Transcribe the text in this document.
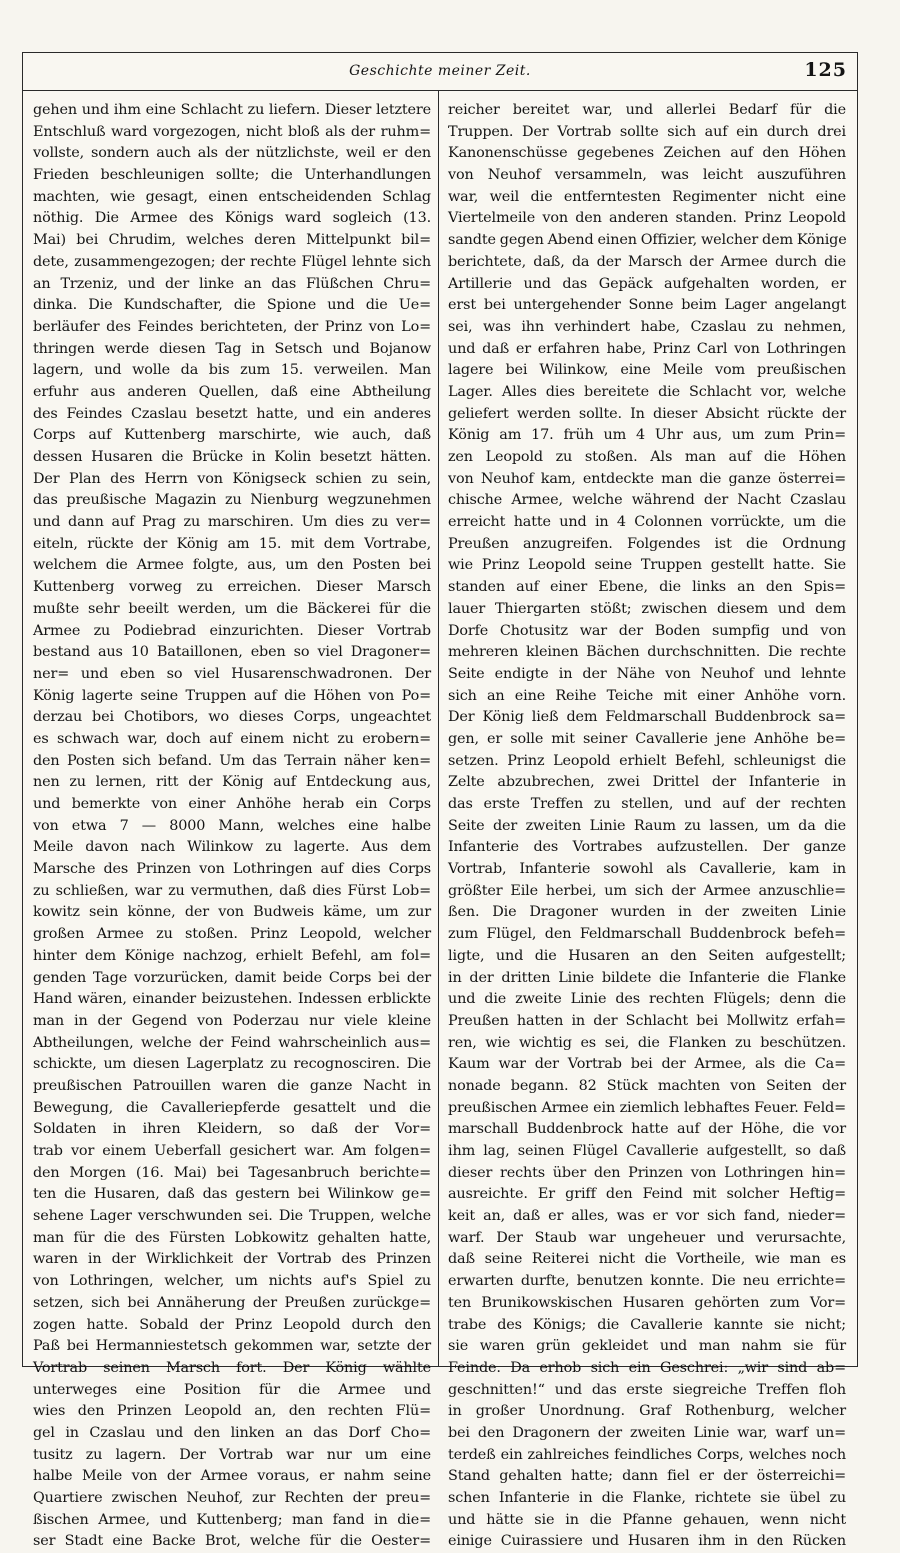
Geschichte meiner Zeit.	125
gehen und ihm eine Schlacht zu liefern. Dieser letztere
Entschluß ward vorgezogen, nicht bloß als der ruhm=
vollste, sondern auch als der nützlichste, weil er den
Frieden beschleunigen sollte; die Unterhandlungen
machten, wie gesagt, einen entscheidenden Schlag
nöthig. Die Armee des Königs ward sogleich (13.
Mai) bei Chrudim, welches deren Mittelpunkt bil=
dete, zusammengezogen; der rechte Flügel lehnte sich
an Trzeniz, und der linke an das Flüßchen Chru=
dinka. Die Kundschafter, die Spione und die Ue=
berläufer des Feindes berichteten, der Prinz von Lo=
thringen werde diesen Tag in Setsch und Bojanow
lagern, und wolle da bis zum 15. verweilen. Man
erfuhr aus anderen Quellen, daß eine Abtheilung
des Feindes Czaslau besetzt hatte, und ein anderes
Corps auf Kuttenberg marschirte, wie auch, daß
dessen Husaren die Brücke in Kolin besetzt hätten.
Der Plan des Herrn von Königseck schien zu sein,
das preußische Magazin zu Nienburg wegzunehmen
und dann auf Prag zu marschiren. Um dies zu ver=
eiteln, rückte der König am 15. mit dem Vortrabe,
welchem die Armee folgte, aus, um den Posten bei
Kuttenberg vorweg zu erreichen. Dieser Marsch
mußte sehr beeilt werden, um die Bäckerei für die
Armee zu Podiebrad einzurichten. Dieser Vortrab
bestand aus 10 Bataillonen, eben so viel Dragoner=
ner= und eben so viel Husarenschwadronen. Der
König lagerte seine Truppen auf die Höhen von Po=
derzau bei Chotibors, wo dieses Corps, ungeachtet
es schwach war, doch auf einem nicht zu erobern=
den Posten sich befand. Um das Terrain näher ken=
nen zu lernen, ritt der König auf Entdeckung aus,
und bemerkte von einer Anhöhe herab ein Corps
von etwa 7 — 8000 Mann, welches eine halbe
Meile davon nach Wilinkow zu lagerte. Aus dem
Marsche des Prinzen von Lothringen auf dies Corps
zu schließen, war zu vermuthen, daß dies Fürst Lob=
kowitz sein könne, der von Budweis käme, um zur
großen Armee zu stoßen. Prinz Leopold, welcher
hinter dem Könige nachzog, erhielt Befehl, am fol=
genden Tage vorzurücken, damit beide Corps bei der
Hand wären, einander beizustehen. Indessen erblickte
man in der Gegend von Poderzau nur viele kleine
Abtheilungen, welche der Feind wahrscheinlich aus=
schickte, um diesen Lagerplatz zu recognosciren. Die
preußischen Patrouillen waren die ganze Nacht in
Bewegung, die Cavalleriepferde gesattelt und die
Soldaten in ihren Kleidern, so daß der Vor=
trab vor einem Ueberfall gesichert war. Am folgen=
den Morgen (16. Mai) bei Tagesanbruch berichte=
ten die Husaren, daß das gestern bei Wilinkow ge=
sehene Lager verschwunden sei. Die Truppen, welche
man für die des Fürsten Lobkowitz gehalten hatte,
waren in der Wirklichkeit der Vortrab des Prinzen
von Lothringen, welcher, um nichts auf's Spiel zu
setzen, sich bei Annäherung der Preußen zurückge=
zogen hatte. Sobald der Prinz Leopold durch den
Paß bei Hermanniestetsch gekommen war, setzte der
Vortrab seinen Marsch fort. Der König wählte
unterweges eine Position für die Armee und
wies den Prinzen Leopold an, den rechten Flü=
gel in Czaslau und den linken an das Dorf Cho=
tusitz zu lagern. Der Vortrab war nur um eine
halbe Meile von der Armee voraus, er nahm seine
Quartiere zwischen Neuhof, zur Rechten der preu=
ßischen Armee, und Kuttenberg; man fand in die=
ser Stadt eine Backe Brot, welche für die Oester=
reicher bereitet war, und allerlei Bedarf für die
Truppen. Der Vortrab sollte sich auf ein durch drei
Kanonenschüsse gegebenes Zeichen auf den Höhen
von Neuhof versammeln, was leicht auszuführen
war, weil die entferntesten Regimenter nicht eine
Viertelmeile von den anderen standen. Prinz Leopold
sandte gegen Abend einen Offizier, welcher dem Könige
berichtete, daß, da der Marsch der Armee durch die
Artillerie und das Gepäck aufgehalten worden, er
erst bei untergehender Sonne beim Lager angelangt
sei, was ihn verhindert habe, Czaslau zu nehmen,
und daß er erfahren habe, Prinz Carl von Lothringen
lagere bei Wilinkow, eine Meile vom preußischen
Lager. Alles dies bereitete die Schlacht vor, welche
geliefert werden sollte. In dieser Absicht rückte der
König am 17. früh um 4 Uhr aus, um zum Prin=
zen Leopold zu stoßen. Als man auf die Höhen
von Neuhof kam, entdeckte man die ganze österrei=
chische Armee, welche während der Nacht Czaslau
erreicht hatte und in 4 Colonnen vorrückte, um die
Preußen anzugreifen. Folgendes ist die Ordnung
wie Prinz Leopold seine Truppen gestellt hatte. Sie
standen auf einer Ebene, die links an den Spis=
lauer Thiergarten stößt; zwischen diesem und dem
Dorfe Chotusitz war der Boden sumpfig und von
mehreren kleinen Bächen durchschnitten. Die rechte
Seite endigte in der Nähe von Neuhof und lehnte
sich an eine Reihe Teiche mit einer Anhöhe vorn.
Der König ließ dem Feldmarschall Buddenbrock sa=
gen, er solle mit seiner Cavallerie jene Anhöhe be=
setzen. Prinz Leopold erhielt Befehl, schleunigst die
Zelte abzubrechen, zwei Drittel der Infanterie in
das erste Treffen zu stellen, und auf der rechten
Seite der zweiten Linie Raum zu lassen, um da die
Infanterie des Vortrabes aufzustellen. Der ganze
Vortrab, Infanterie sowohl als Cavallerie, kam in
größter Eile herbei, um sich der Armee anzuschlie=
ßen. Die Dragoner wurden in der zweiten Linie
zum Flügel, den Feldmarschall Buddenbrock befeh=
ligte, und die Husaren an den Seiten aufgestellt;
in der dritten Linie bildete die Infanterie die Flanke
und die zweite Linie des rechten Flügels; denn die
Preußen hatten in der Schlacht bei Mollwitz erfah=
ren, wie wichtig es sei, die Flanken zu beschützen.
Kaum war der Vortrab bei der Armee, als die Ca=
nonade begann. 82 Stück machten von Seiten der
preußischen Armee ein ziemlich lebhaftes Feuer. Feld=
marschall Buddenbrock hatte auf der Höhe, die vor
ihm lag, seinen Flügel Cavallerie aufgestellt, so daß
dieser rechts über den Prinzen von Lothringen hin=
ausreichte. Er griff den Feind mit solcher Heftig=
keit an, daß er alles, was er vor sich fand, nieder=
warf. Der Staub war ungeheuer und verursachte,
daß seine Reiterei nicht die Vortheile, wie man es
erwarten durfte, benutzen konnte. Die neu errichte=
ten Brunikowskischen Husaren gehörten zum Vor=
trabe des Königs; die Cavallerie kannte sie nicht;
sie waren grün gekleidet und man nahm sie für
Feinde. Da erhob sich ein Geschrei: „wir sind ab=
geschnitten!“ und das erste siegreiche Treffen floh
in großer Unordnung. Graf Rothenburg, welcher
bei den Dragonern der zweiten Linie war, warf un=
terdeß ein zahlreiches feindliches Corps, welches noch
Stand gehalten hatte; dann fiel er der österreichi=
schen Infanterie in die Flanke, richtete sie übel zu
und hätte sie in die Pfanne gehauen, wenn nicht
einige Cuirassiere und Husaren ihm in den Rücken
